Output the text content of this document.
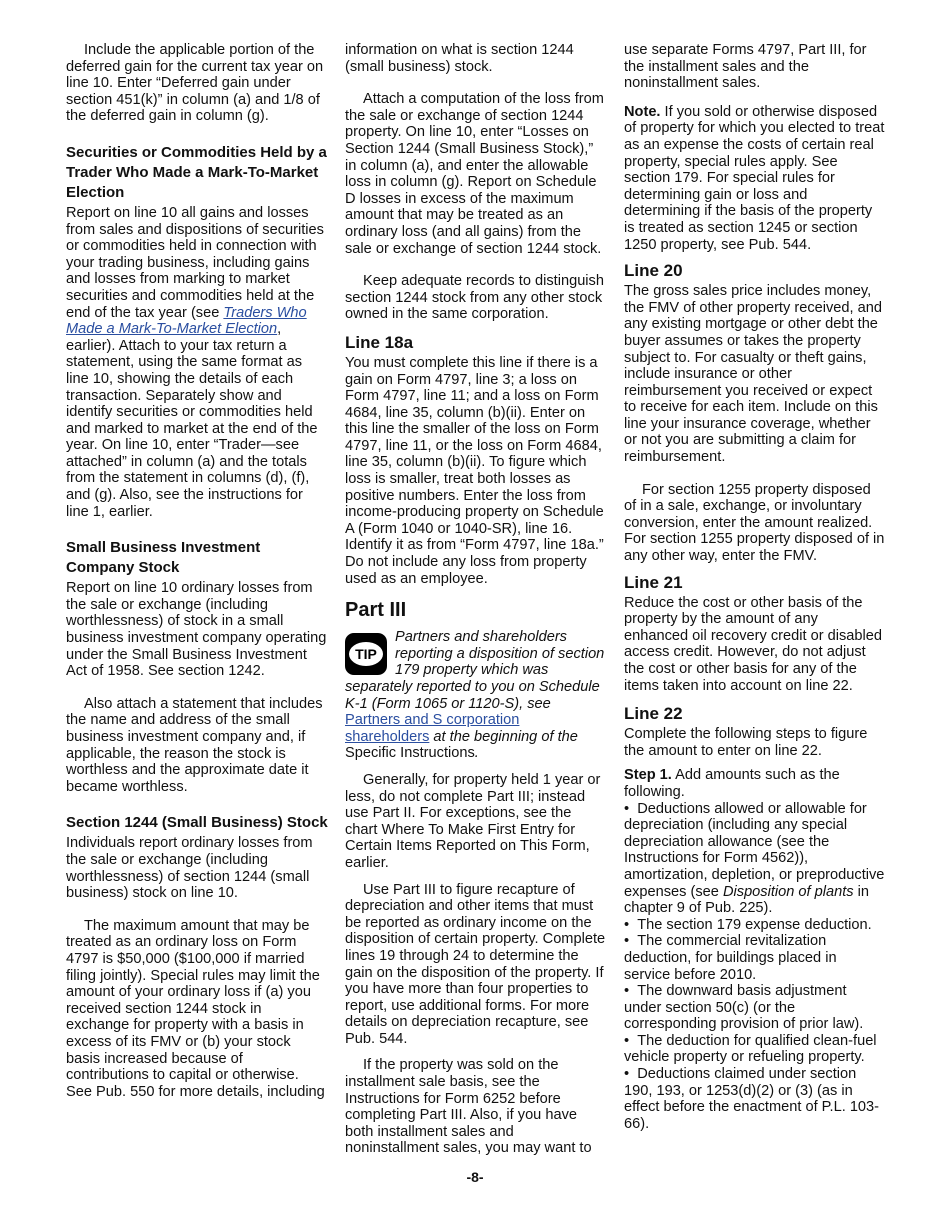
Include the applicable portion of the deferred gain for the current tax year on line 10. Enter “Deferred gain under section 451(k)” in column (a) and 1/8 of the deferred gain in column (g).

Securities or Commodities Held by a Trader Who Made a Mark-To-Market Election

Report on line 10 all gains and losses from sales and dispositions of securities or commodities held in connection with your trading business, including gains and losses from marking to market securities and commodities held at the end of the tax year (see Traders Who Made a Mark-To-Market Election, earlier). Attach to your tax return a statement, using the same format as line 10, showing the details of each transaction. Separately show and identify securities or commodities held and marked to market at the end of the year. On line 10, enter “Trader—see attached” in column (a) and the totals from the statement in columns (d), (f), and (g). Also, see the instructions for line 1, earlier.

Small Business Investment Company Stock

Report on line 10 ordinary losses from the sale or exchange (including worthlessness) of stock in a small business investment company operating under the Small Business Investment Act of 1958. See section 1242.

Also attach a statement that includes the name and address of the small business investment company and, if applicable, the reason the stock is worthless and the approximate date it became worthless.

Section 1244 (Small Business) Stock

Individuals report ordinary losses from the sale or exchange (including worthlessness) of section 1244 (small business) stock on line 10.

The maximum amount that may be treated as an ordinary loss on Form 4797 is $50,000 ($100,000 if married filing jointly). Special rules may limit the amount of your ordinary loss if (a) you received section 1244 stock in exchange for property with a basis in excess of its FMV or (b) your stock basis increased because of contributions to capital or otherwise. See Pub. 550 for more details, including

information on what is section 1244 (small business) stock.

Attach a computation of the loss from the sale or exchange of section 1244 property. On line 10, enter “Losses on Section 1244 (Small Business Stock),” in column (a), and enter the allowable loss in column (g). Report on Schedule D losses in excess of the maximum amount that may be treated as an ordinary loss (and all gains) from the sale or exchange of section 1244 stock.

Keep adequate records to distinguish section 1244 stock from any other stock owned in the same corporation.

Line 18a

You must complete this line if there is a gain on Form 4797, line 3; a loss on Form 4797, line 11; and a loss on Form 4684, line 35, column (b)(ii). Enter on this line the smaller of the loss on Form 4797, line 11, or the loss on Form 4684, line 35, column (b)(ii). To figure which loss is smaller, treat both losses as positive numbers. Enter the loss from income-producing property on Schedule A (Form 1040 or 1040-SR), line 16. Identify it as from “Form 4797, line 18a.” Do not include any loss from property used as an employee.

Part III

TIP

Partners and shareholders reporting a disposition of section 179 property which was separately reported to you on Schedule K-1 (Form 1065 or 1120-S), see Partners and S corporation shareholders at the beginning of the Specific Instructions.

Generally, for property held 1 year or less, do not complete Part III; instead use Part II. For exceptions, see the chart Where To Make First Entry for Certain Items Reported on This Form, earlier.

Use Part III to figure recapture of depreciation and other items that must be reported as ordinary income on the disposition of certain property. Complete lines 19 through 24 to determine the gain on the disposition of the property. If you have more than four properties to report, use additional forms. For more details on depreciation recapture, see Pub. 544.

If the property was sold on the installment sale basis, see the Instructions for Form 6252 before completing Part III. Also, if you have both installment sales and noninstallment sales, you may want to

use separate Forms 4797, Part III, for the installment sales and the noninstallment sales.

Note. If you sold or otherwise disposed of property for which you elected to treat as an expense the costs of certain real property, special rules apply. See section 179. For special rules for determining gain or loss and determining if the basis of the property is treated as section 1245 or section 1250 property, see Pub. 544.

Line 20

The gross sales price includes money, the FMV of other property received, and any existing mortgage or other debt the buyer assumes or takes the property subject to. For casualty or theft gains, include insurance or other reimbursement you received or expect to receive for each item. Include on this line your insurance coverage, whether or not you are submitting a claim for reimbursement.

For section 1255 property disposed of in a sale, exchange, or involuntary conversion, enter the amount realized. For section 1255 property disposed of in any other way, enter the FMV.

Line 21

Reduce the cost or other basis of the property by the amount of any enhanced oil recovery credit or disabled access credit. However, do not adjust the cost or other basis for any of the items taken into account on line 22.

Line 22

Complete the following steps to figure the amount to enter on line 22.

Step 1. Add amounts such as the following.

•  Deductions allowed or allowable for depreciation (including any special depreciation allowance (see the Instructions for Form 4562)), amortization, depletion, or preproductive expenses (see Disposition of plants in chapter 9 of Pub. 225).

•  The section 179 expense deduction.

•  The commercial revitalization deduction, for buildings placed in service before 2010.

•  The downward basis adjustment under section 50(c) (or the corresponding provision of prior law).

•  The deduction for qualified clean-fuel vehicle property or refueling property.

•  Deductions claimed under section 190, 193, or 1253(d)(2) or (3) (as in effect before the enactment of P.L. 103-66).

-8-
